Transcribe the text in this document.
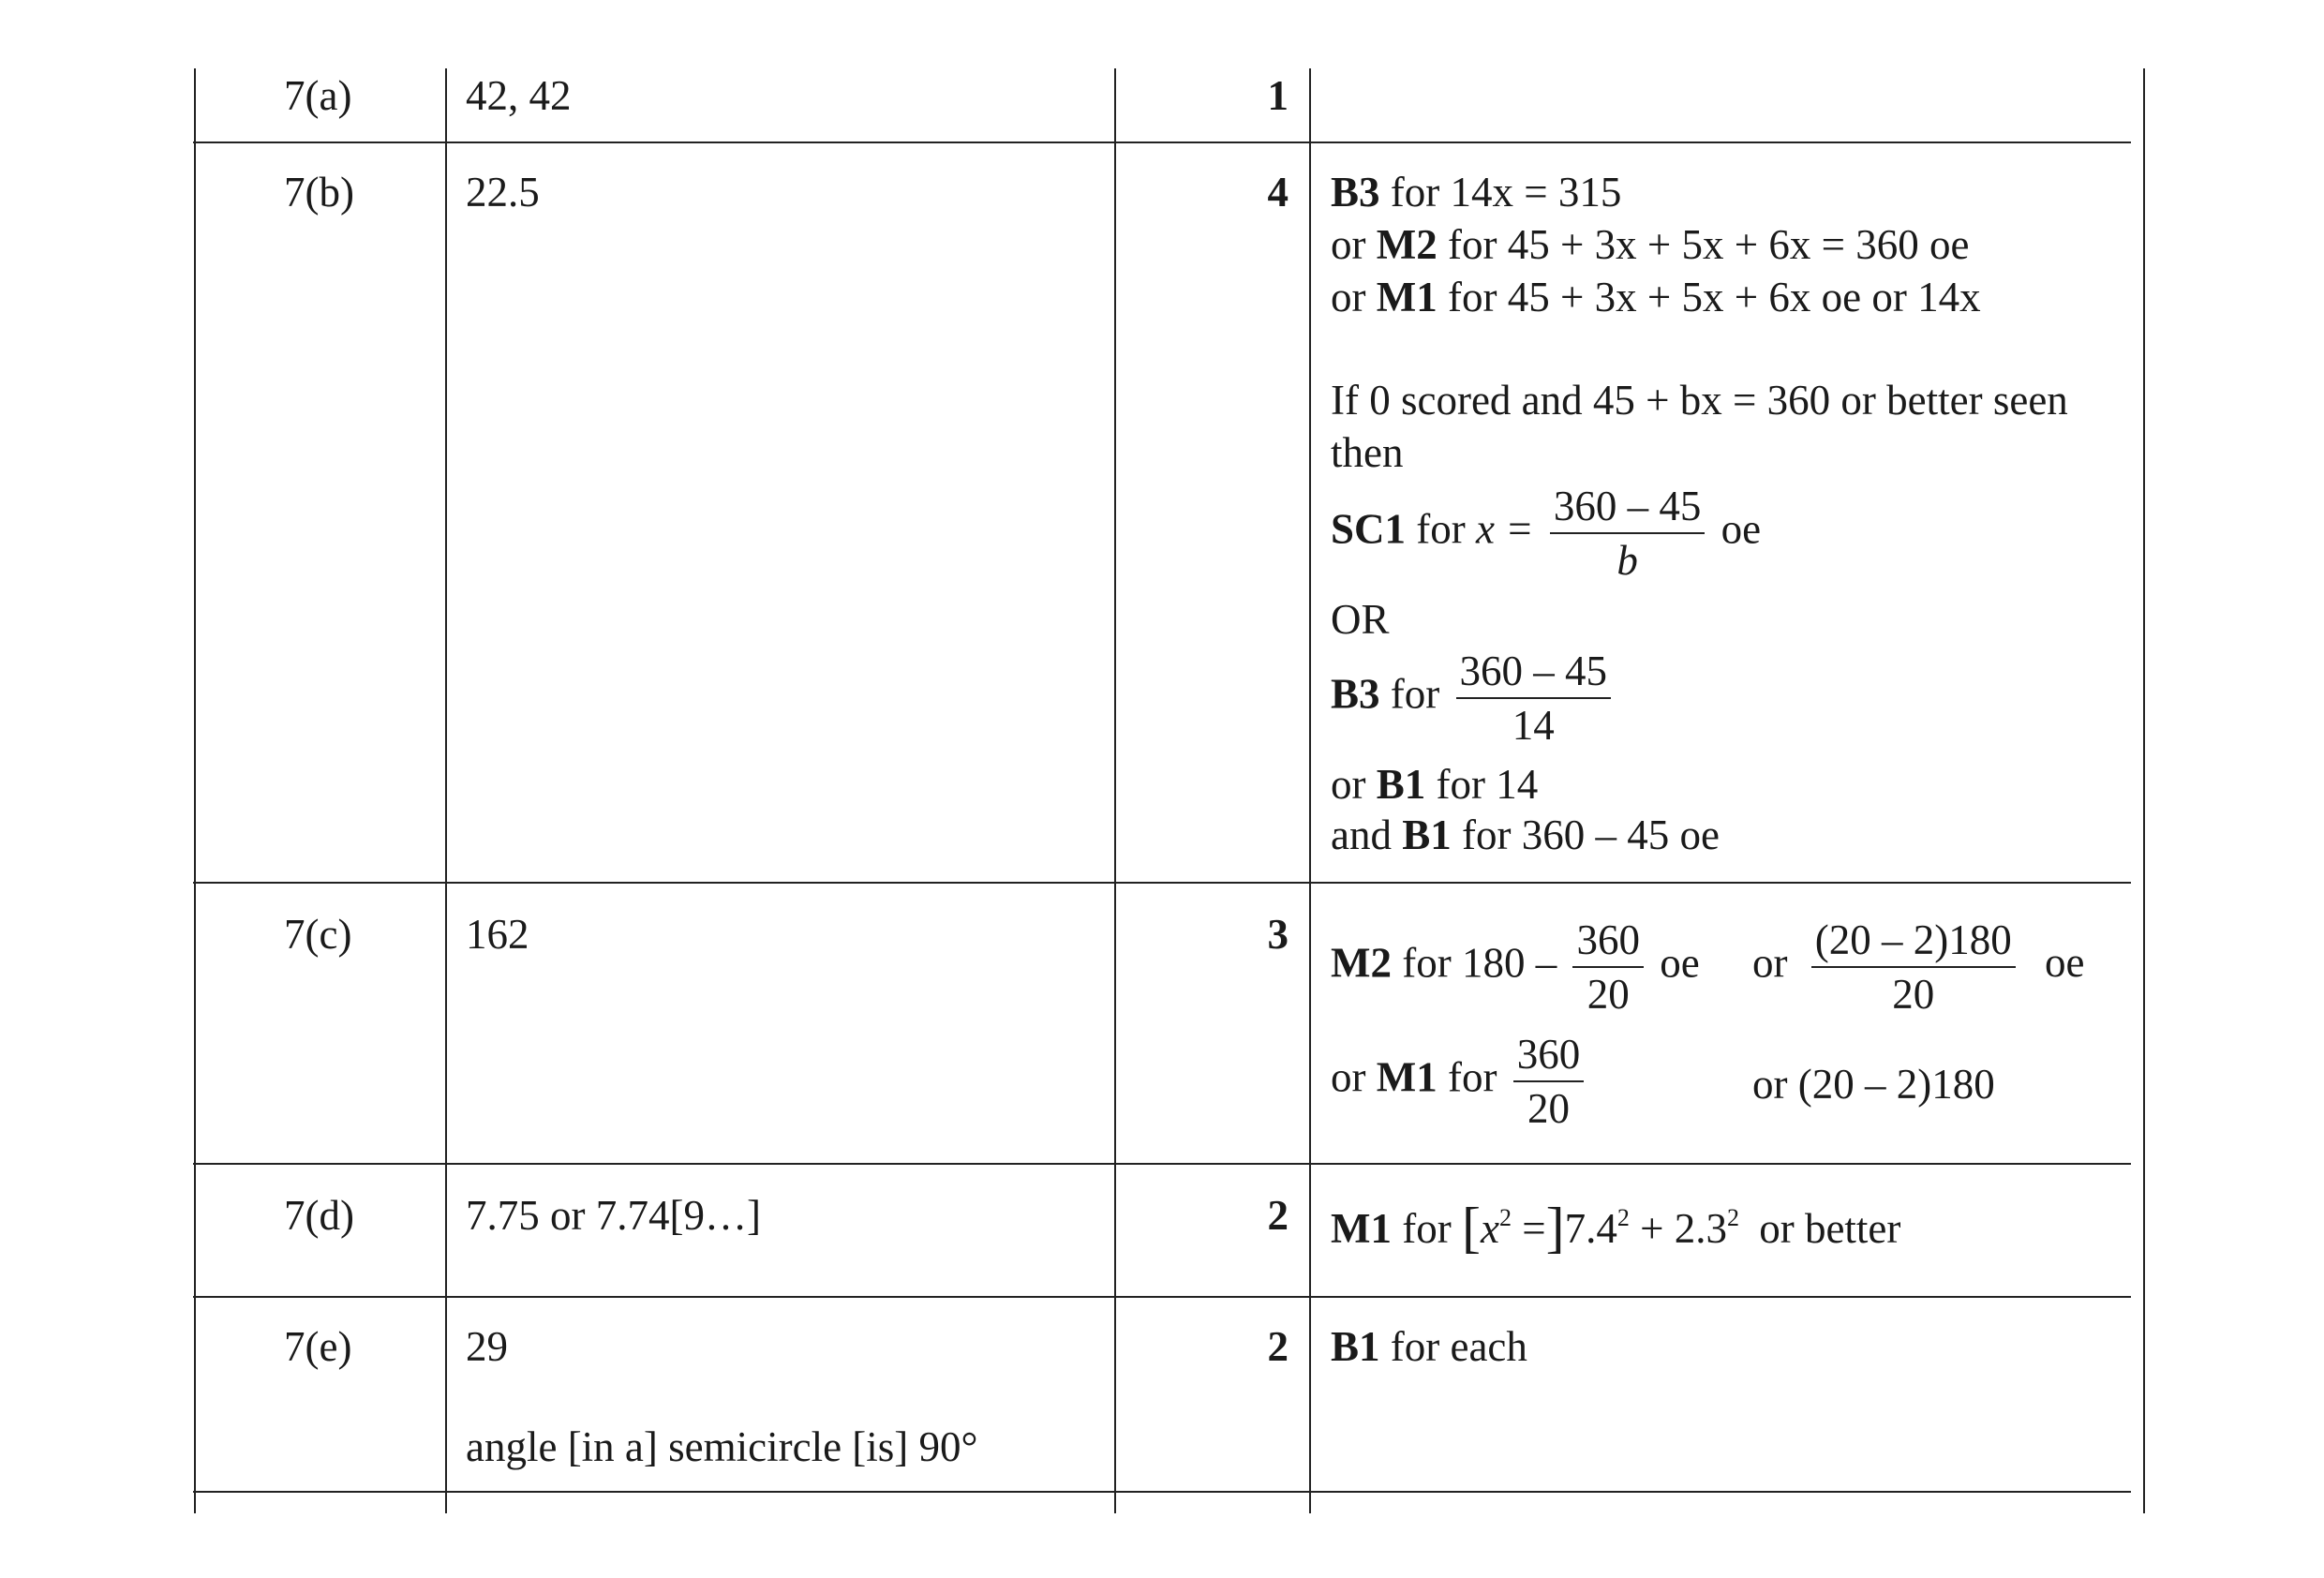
7(a)	42, 42	1
7(b)	22.5	4 B3 for 14x = 315
or M2 for 45 + 3x + 5x + 6x = 360 oe
or M1 for 45 + 3x + 5x + 6x oe or 14x
If 0 scored and 45 + bx = 360 or better seen
then
SC1 for $x = \frac{360 - 45}{b}$ oe
OR
B3 for $\frac{360 - 45}{14}$
or B1 for 14
and B1 for 360 – 45 oe
7(c)	162	3
M2 for $180 - \frac{360}{20}$ oe or $\frac{(20 - 2)180}{20}$ oe
or M1 for $\frac{360}{20}$	or (20 – 2)180
7(d)	7.75 or 7.74[9…]	2 M1 for $[x^2 =]7.4^2 + 2.3^2$ or better
7(e)	29
angle [in a] semicircle [is] 90°
2 B1 for each
